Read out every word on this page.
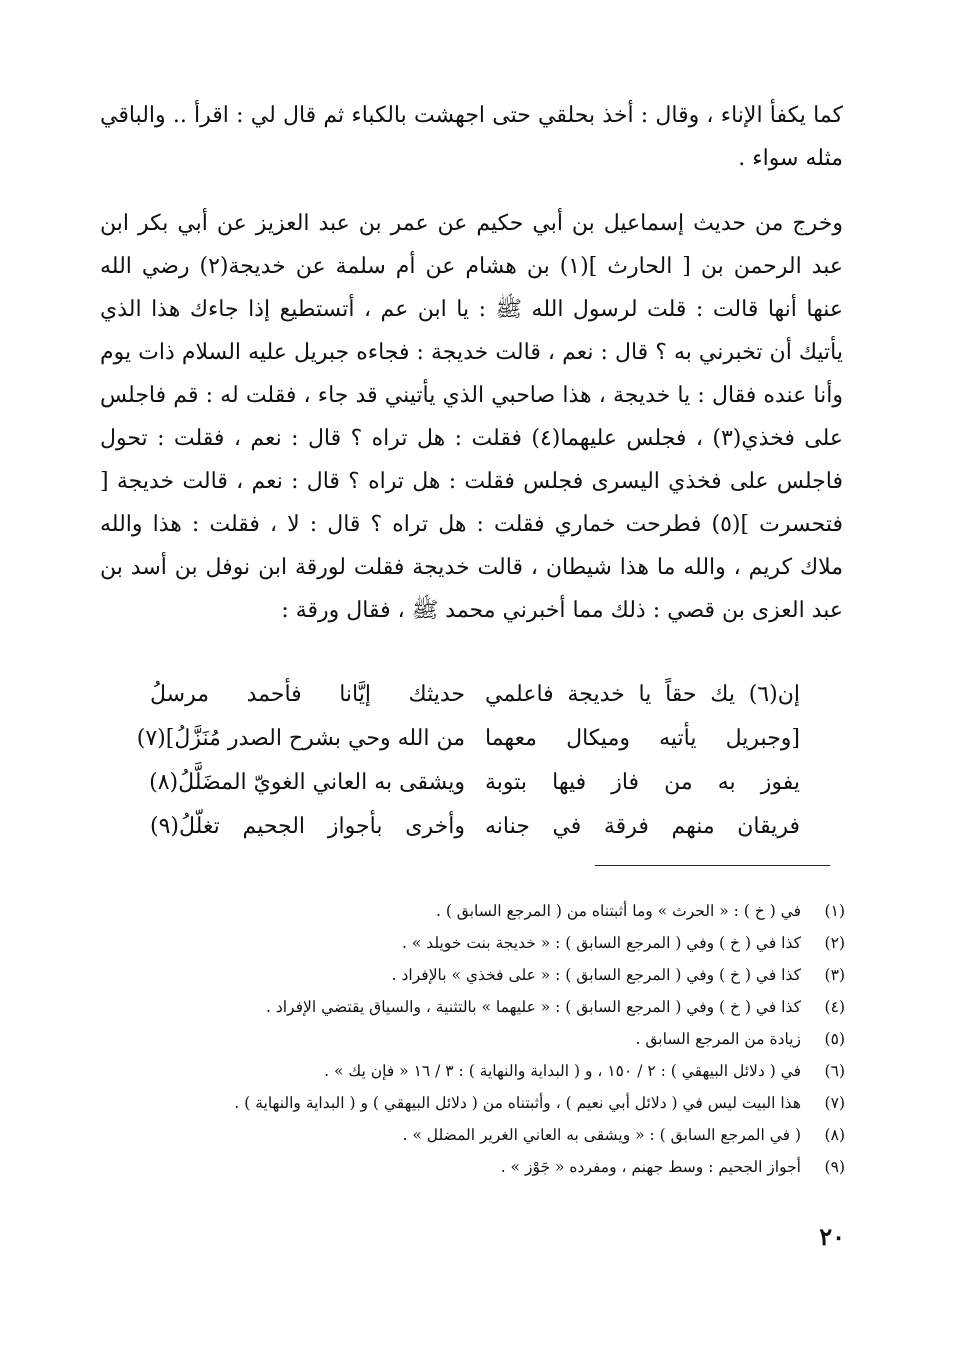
كما يكفأ الإناء ، وقال : أخذ بحلقي حتى اجهشت بالكباء ثم قال لي : اقرأ .. والباقي مثله سواء .

وخرج من حديث إسماعيل بن أبي حكيم عن عمر بن عبد العزيز عن أبي بكر ابن عبد الرحمن بن [ الحارث ](١) بن هشام عن أم سلمة عن خديجة(٢) رضي الله عنها أنها قالت : قلت لرسول الله ﷺ : يا ابن عم ، أتستطيع إذا جاءك هذا الذي يأتيك أن تخبرني به ؟ قال : نعم ، قالت خديجة : فجاءه جبريل عليه السلام ذات يوم وأنا عنده فقال : يا خديجة ، هذا صاحبي الذي يأتيني قد جاء ، فقلت له : قم فاجلس على فخذي(٣) ، فجلس عليهما(٤) فقلت : هل تراه ؟ قال : نعم ، فقلت : تحول فاجلس على فخذي اليسرى فجلس فقلت : هل تراه ؟ قال : نعم ، قالت خديجة [ فتحسرت ](٥) فطرحت خماري فقلت : هل تراه ؟ قال : لا ، فقلت : هذا والله ملاك كريم ، والله ما هذا شيطان ، قالت خديجة فقلت لورقة ابن نوفل بن أسد بن عبد العزى بن قصي : ذلك مما أخبرني محمد ﷺ ، فقال ورقة :

إن(٦) يك حقاً يا خديجة فاعلمي
حديثك إيَّانا فأحمد مرسلُ
[وجبريل يأتيه وميكال معهما
من الله وحي بشرح الصدر مُنَزَّلُ](٧)
يفوز به من فاز فيها بتوبة
ويشقى به العاني الغويّ المضَلَّلُ(٨)
فريقان منهم فرقة في جنانه
وأخرى بأجواز الجحيم تغلّلُ(٩)
(١)
في ( خ ) : « الحرث » وما أثبتناه من ( المرجع السابق ) .
(٢)
كذا في ( خ ) وفي ( المرجع السابق ) : « خديجة بنت خويلد » .
(٣)
كذا في ( خ ) وفي ( المرجع السابق ) : « على فخذي » بالإفراد .
(٤)
كذا في ( خ ) وفي ( المرجع السابق ) : « عليهما » بالتثنية ، والسياق يقتضي الإفراد .
(٥)
زيادة من المرجع السابق .
(٦)
في ( دلائل البيهقي ) : ٢ / ١٥٠ ، و ( البداية والنهاية ) : ٣ / ١٦ « فإن يك » .
(٧)
هذا البيت ليس في ( دلائل أبي نعيم ) ، وأثبتناه من ( دلائل البيهقي ) و ( البداية والنهاية ) .
(٨)
( في المرجع السابق ) : « ويشقى به العاني الغرير المضلل » .
(٩)
أجواز الجحيم : وسط جهنم ، ومفرده « جَوْز » .
٢٠
